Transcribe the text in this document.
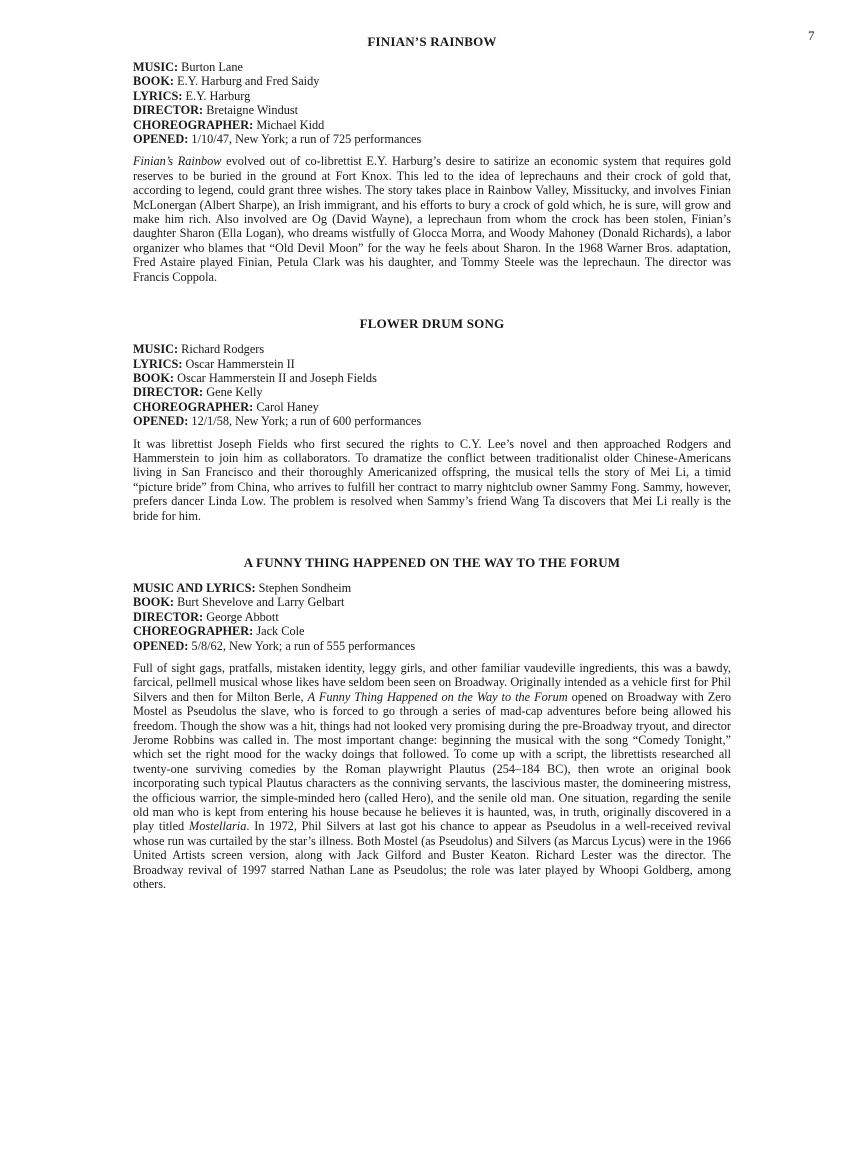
7
FINIAN’S RAINBOW
MUSIC: Burton Lane
BOOK: E.Y. Harburg and Fred Saidy
LYRICS: E.Y. Harburg
DIRECTOR: Bretaigne Windust
CHOREOGRAPHER: Michael Kidd
OPENED: 1/10/47, New York; a run of 725 performances

Finian’s Rainbow evolved out of co-librettist E.Y. Harburg’s desire to satirize an economic system that requires gold reserves to be buried in the ground at Fort Knox. This led to the idea of leprechauns and their crock of gold that, according to legend, could grant three wishes. The story takes place in Rainbow Valley, Missitucky, and involves Finian McLonergan (Albert Sharpe), an Irish immigrant, and his efforts to bury a crock of gold which, he is sure, will grow and make him rich. Also involved are Og (David Wayne), a leprechaun from whom the crock has been stolen, Finian’s daughter Sharon (Ella Logan), who dreams wistfully of Glocca Morra, and Woody Mahoney (Donald Richards), a labor organizer who blames that “Old Devil Moon” for the way he feels about Sharon. In the 1968 Warner Bros. adaptation, Fred Astaire played Finian, Petula Clark was his daughter, and Tommy Steele was the leprechaun. The director was Francis Coppola.

FLOWER DRUM SONG
MUSIC: Richard Rodgers
LYRICS: Oscar Hammerstein II
BOOK: Oscar Hammerstein II and Joseph Fields
DIRECTOR: Gene Kelly
CHOREOGRAPHER: Carol Haney
OPENED: 12/1/58, New York; a run of 600 performances

It was librettist Joseph Fields who first secured the rights to C.Y. Lee’s novel and then approached Rodgers and Hammerstein to join him as collaborators. To dramatize the conflict between traditionalist older Chinese-Americans living in San Francisco and their thoroughly Americanized offspring, the musical tells the story of Mei Li, a timid “picture bride” from China, who arrives to fulfill her contract to marry nightclub owner Sammy Fong. Sammy, however, prefers dancer Linda Low. The problem is resolved when Sammy’s friend Wang Ta discovers that Mei Li really is the bride for him.

A FUNNY THING HAPPENED ON THE WAY TO THE FORUM
MUSIC AND LYRICS: Stephen Sondheim
BOOK: Burt Shevelove and Larry Gelbart
DIRECTOR: George Abbott
CHOREOGRAPHER: Jack Cole
OPENED: 5/8/62, New York; a run of 555 performances

Full of sight gags, pratfalls, mistaken identity, leggy girls, and other familiar vaudeville ingredients, this was a bawdy, farcical, pellmell musical whose likes have seldom been seen on Broadway. Originally intended as a vehicle first for Phil Silvers and then for Milton Berle, A Funny Thing Happened on the Way to the Forum opened on Broadway with Zero Mostel as Pseudolus the slave, who is forced to go through a series of mad-cap adventures before being allowed his freedom. Though the show was a hit, things had not looked very promising during the pre-Broadway tryout, and director Jerome Robbins was called in. The most important change: beginning the musical with the song “Comedy Tonight,” which set the right mood for the wacky doings that followed. To come up with a script, the librettists researched all twenty-one surviving comedies by the Roman playwright Plautus (254–184 BC), then wrote an original book incorporating such typical Plautus characters as the conniving servants, the lascivious master, the domineering mistress, the officious warrior, the simple-minded hero (called Hero), and the senile old man. One situation, regarding the senile old man who is kept from entering his house because he believes it is haunted, was, in truth, originally discovered in a play titled Mostellaria. In 1972, Phil Silvers at last got his chance to appear as Pseudolus in a well-received revival whose run was curtailed by the star’s illness. Both Mostel (as Pseudolus) and Silvers (as Marcus Lycus) were in the 1966 United Artists screen version, along with Jack Gilford and Buster Keaton. Richard Lester was the director. The Broadway revival of 1997 starred Nathan Lane as Pseudolus; the role was later played by Whoopi Goldberg, among others.
